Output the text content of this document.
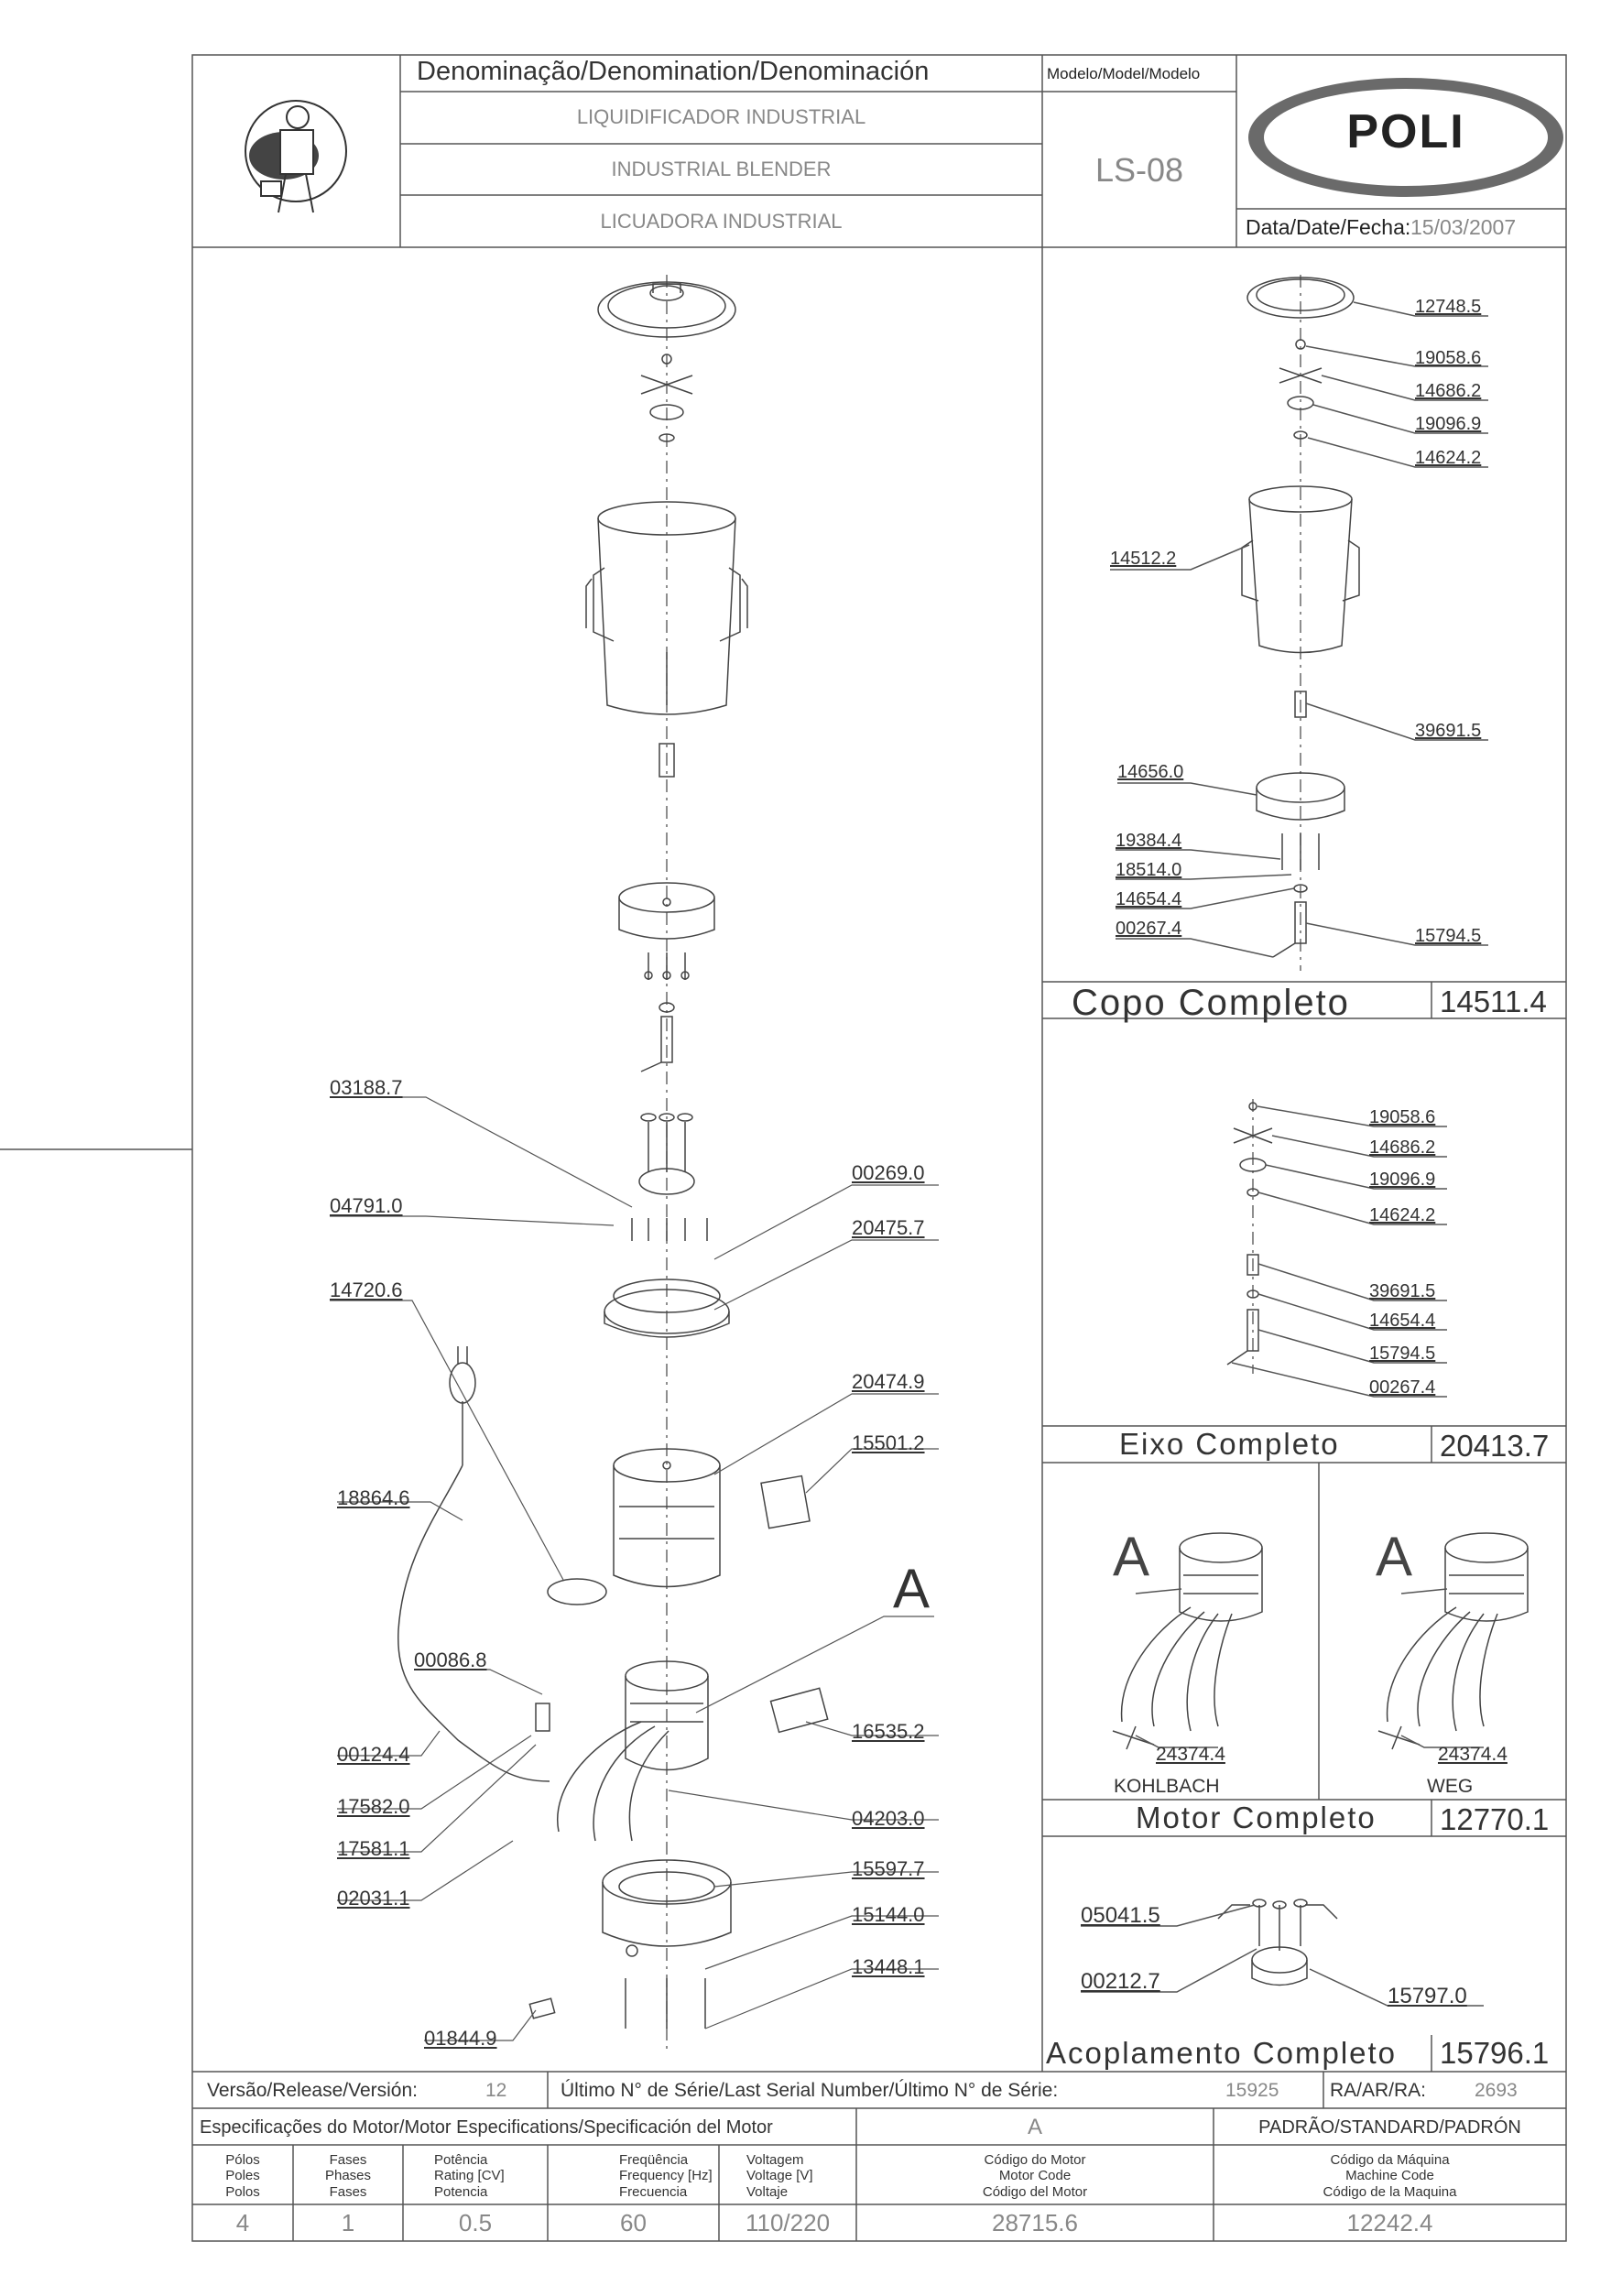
Denominação/Denomination/Denominación
LIQUIDIFICADOR INDUSTRIAL
INDUSTRIAL BLENDER
LICUADORA INDUSTRIAL
Modelo/Model/Modelo
LS-08
POLI
Data/Date/Fecha: 15/03/2007
03188.7
04791.0
00269.0
20475.7
14720.6
20474.9
15501.2
18864.6
A
00086.8
00124.4
16535.2
17582.0
04203.0
17581.1
15597.7
02031.1
15144.0
13448.1
01844.9
12748.5
19058.6
14686.2
19096.9
14624.2
14512.2
39691.5
14656.0
19384.4
18514.0
14654.4
00267.4	15794.5
Copo Completo	14511.4
19058.6
14686.2
19096.9
14624.2
39691.5
14654.4
15794.5
00267.4
Eixo Completo	20413.7
A
24374.4
KOHLBACH
A
24374.4
WEG
Motor Completo 12770.1
05041.5
00212.7
15797.0
Acoplamento Completo 15796.1
Versão/Release/Versión:	12	Último N° de Série/Last Serial Number/Último N° de Série:	15925	RA/AR/RA:	2693
Especificações do Motor/Motor Especifications/Specificación del Motor	A	PADRÃO/STANDARD/PADRÓN
Pólos
Poles
Polos
Fases
Phases
Fases
Potência
Rating [CV]
Potencia
Freqüência
Frequency [Hz]
Frecuencia
Voltagem
Voltage [V]
Voltaje
Código do Motor
Motor Code
Código del Motor
Código da Máquina
Machine Code
Código de la Maquina
4	1	0.5	60	110/220	28715.6	12242.4
